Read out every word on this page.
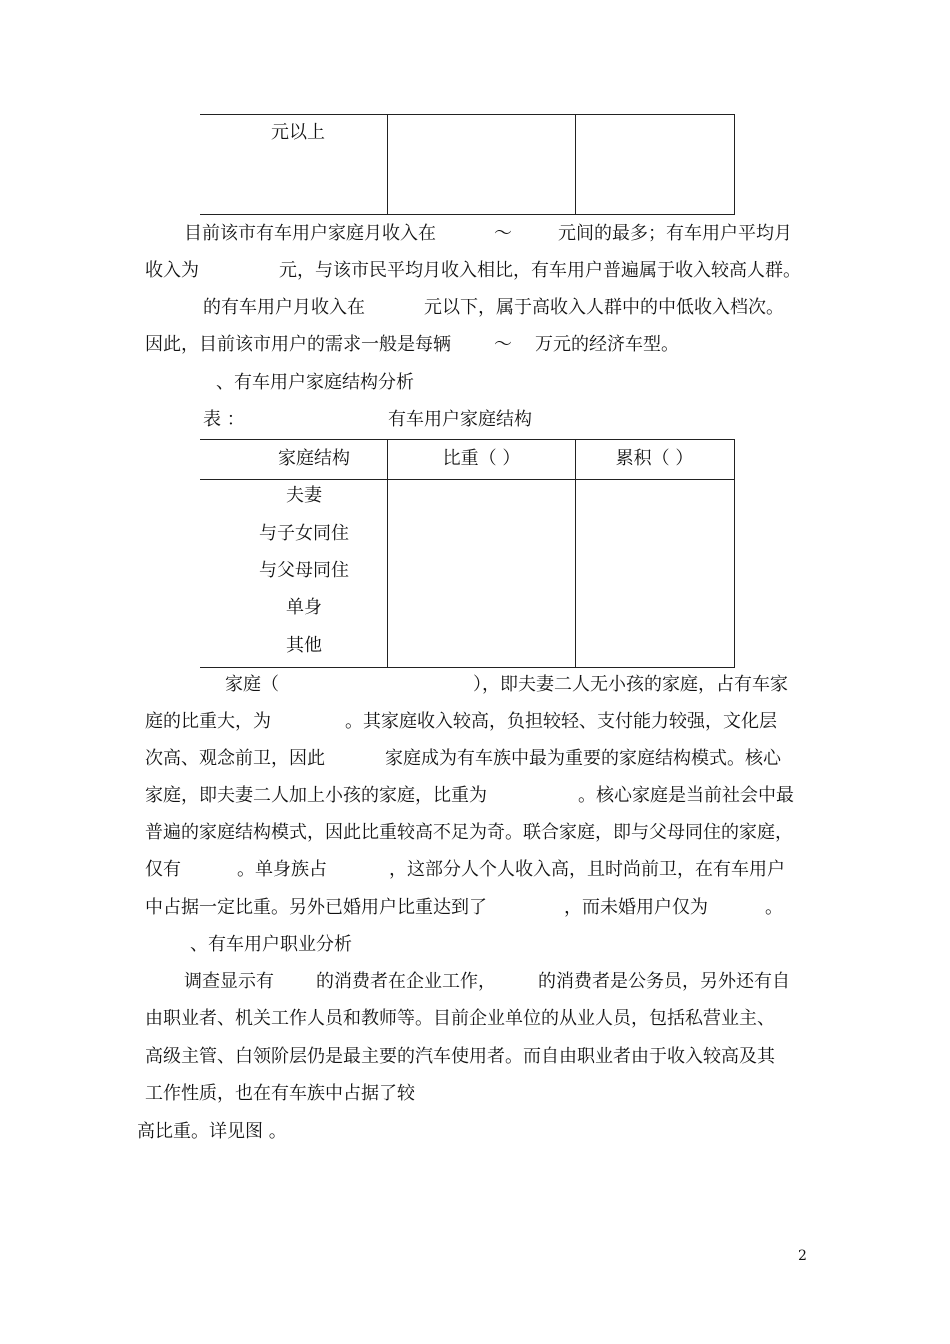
元以上
目前该市有车用户家庭月收入在	～	元间的最多；有车用户平均月
收入为	元，与该市民平均月收入相比，有车用户普遍属于收入较高人群。
的有车用户月收入在	元以下，属于高收入人群中的中低收入档次。
因此，目前该市用户的需求一般是每辆 ～ 万元的经济车型。
、有车用户家庭结构分析
表 ：	有车用户家庭结构
家庭结构	比重（ ）	累积（ ）
夫妻
与子女同住
与父母同住
单身
其他
家庭（	），即夫妻二人无小孩的家庭，占有车家
庭的比重大，为	。其家庭收入较高，负担较轻、支付能力较强，文化层
次高、观念前卫，因此	家庭成为有车族中最为重要的家庭结构模式。核心
家庭，即夫妻二人加上小孩的家庭，比重为	。核心家庭是当前社会中最
普遍的家庭结构模式，因此比重较高不足为奇。联合家庭，即与父母同住的家庭，
仅有	。单身族占	，这部分人个人收入高，且时尚前卫，在有车用户
中占据一定比重。另外已婚用户比重达到了	，而未婚用户仅为	。
、有车用户职业分析
调查显示有 的消费者在企业工作， 的消费者是公务员，另外还有自
由职业者、机关工作人员和教师等。目前企业单位的从业人员，包括私营业主、
高级主管、白领阶层仍是最主要的汽车使用者。而自由职业者由于收入较高及其
工作性质，也在有车族中占据了较
高比重。详见图 。
2
